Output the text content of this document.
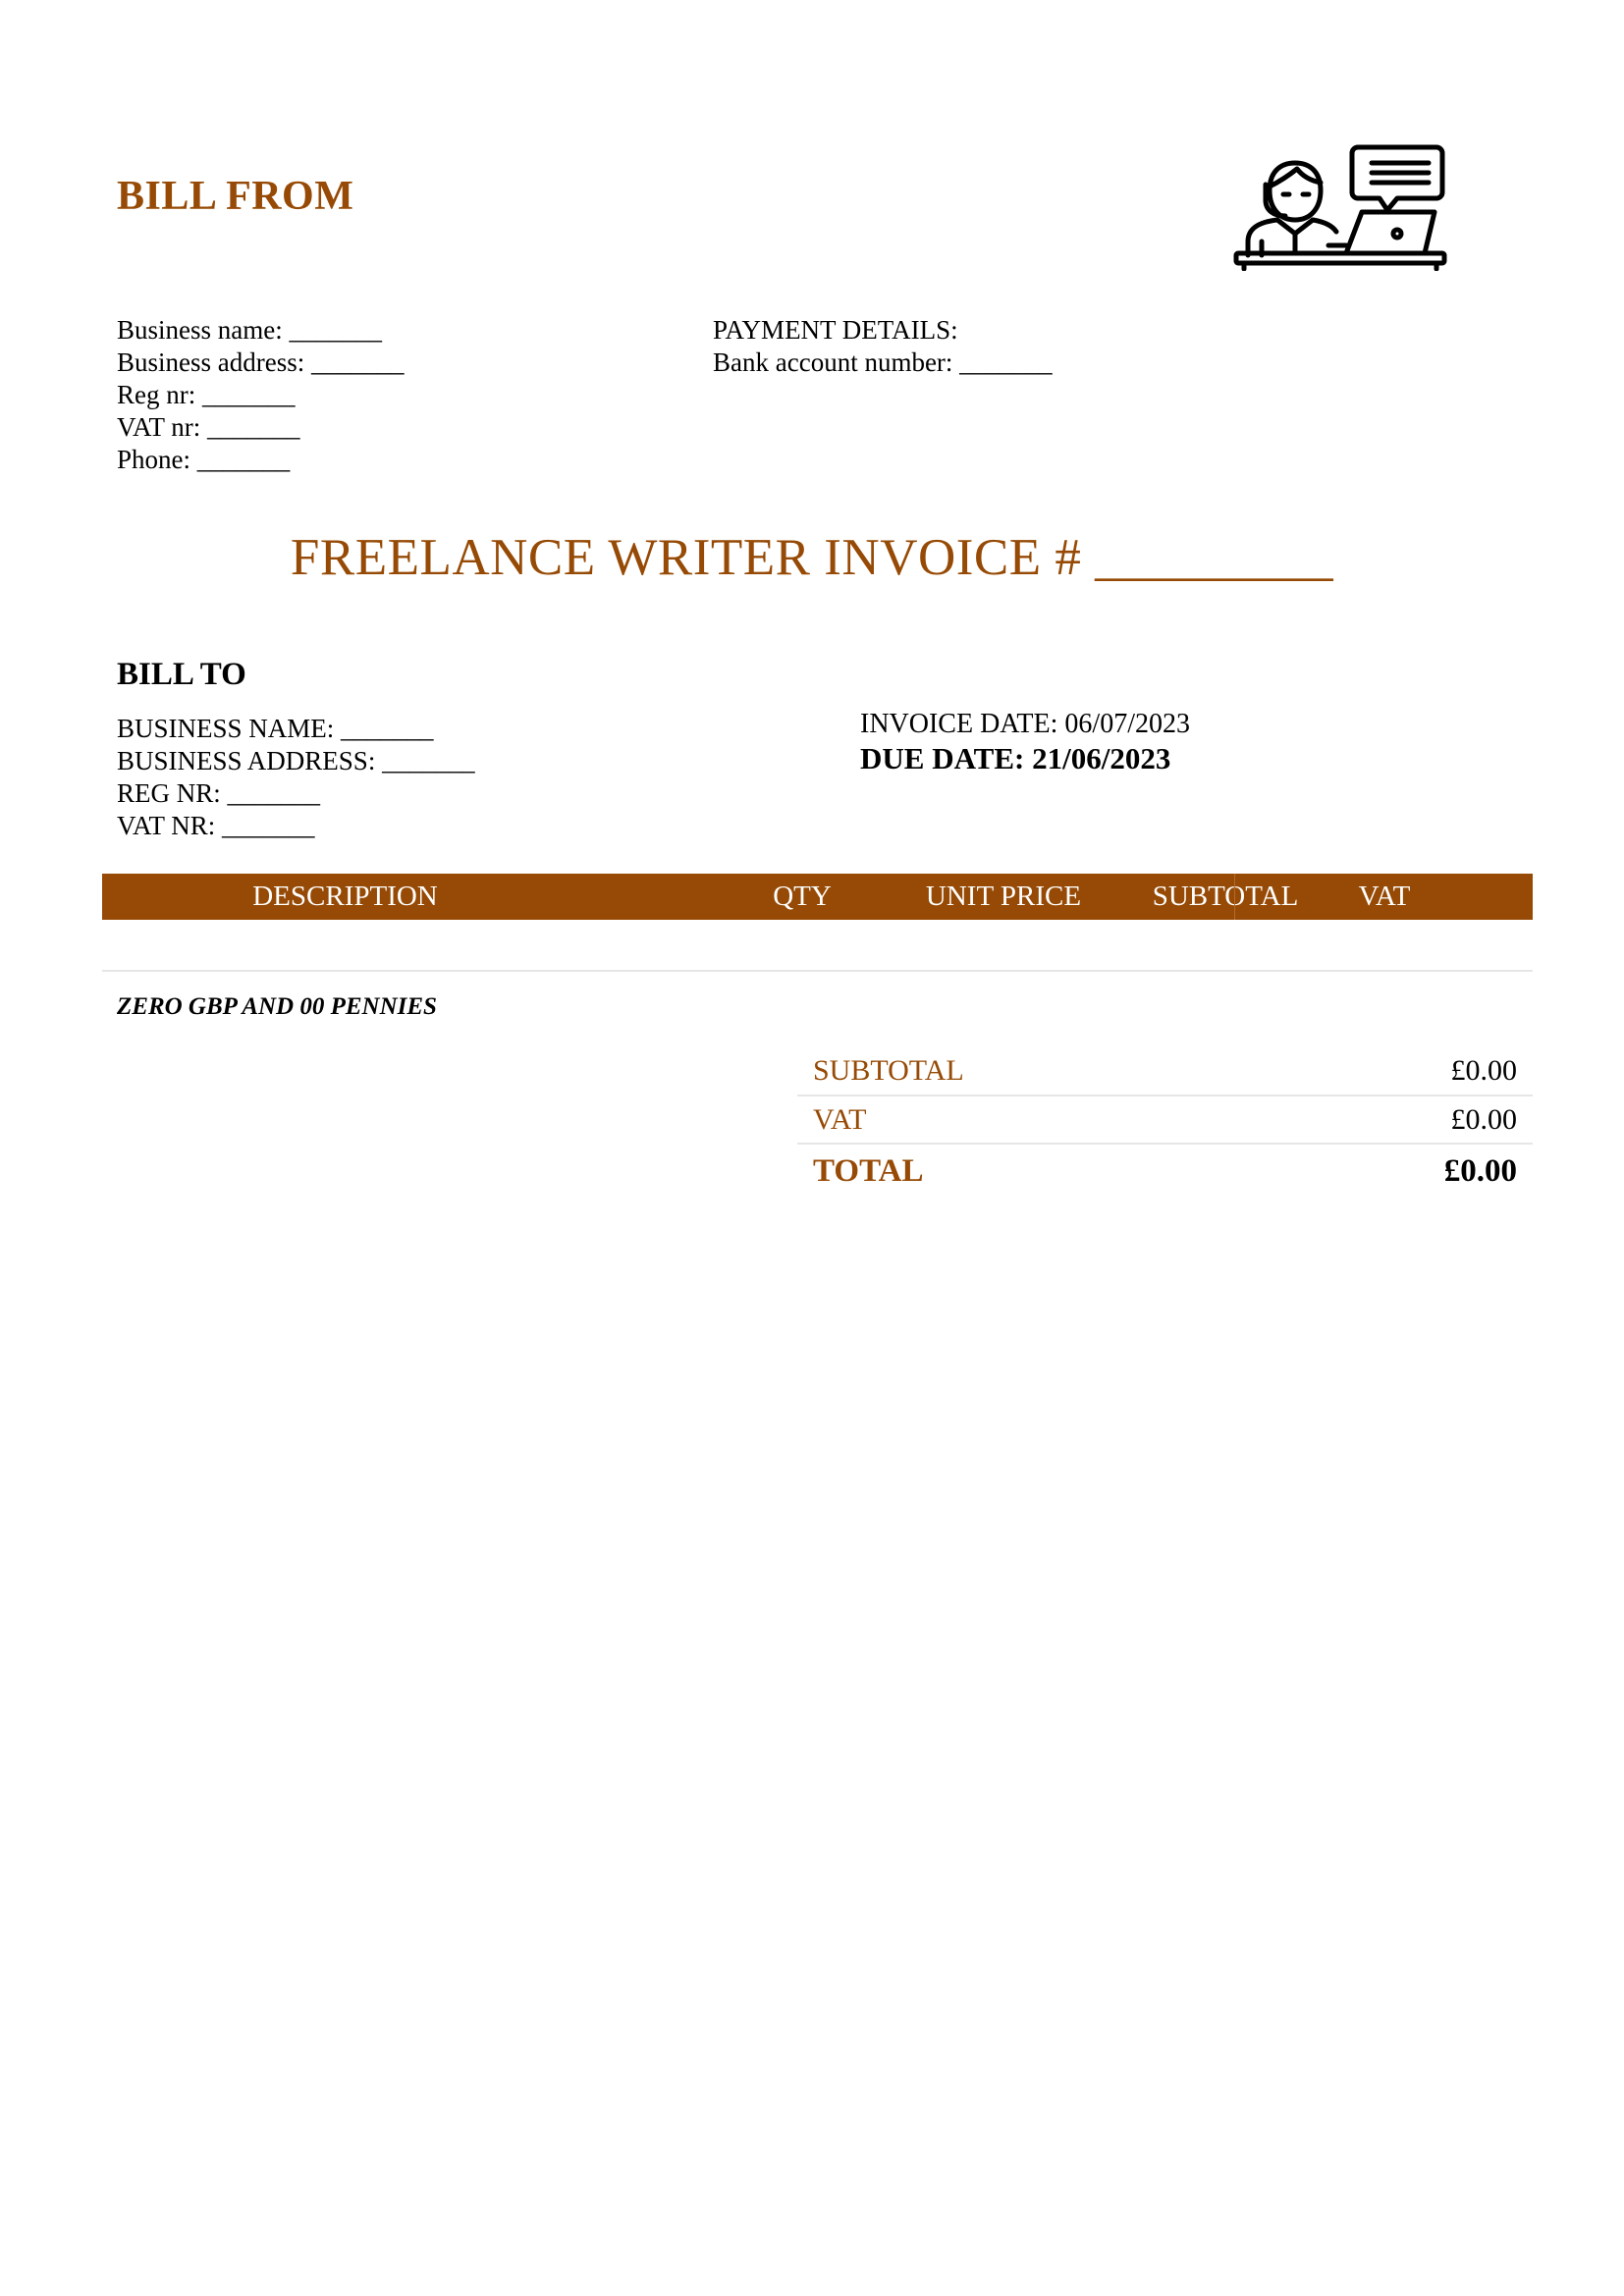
BILL FROM
Business name: _______
Business address: _______
Reg nr: _______
VAT nr: _______
Phone: _______
PAYMENT DETAILS:
Bank account number: _______
FREELANCE WRITER INVOICE # _________
BILL TO
BUSINESS NAME: _______
BUSINESS ADDRESS: _______
REG NR: _______
VAT NR: _______
INVOICE DATE: 06/07/2023
DUE DATE: 21/06/2023
DESCRIPTION	QTY	UNIT PRICE	SUBTOTAL	VAT
ZERO GBP AND 00 PENNIES
SUBTOTAL	£0.00
VAT	£0.00
TOTAL	£0.00
